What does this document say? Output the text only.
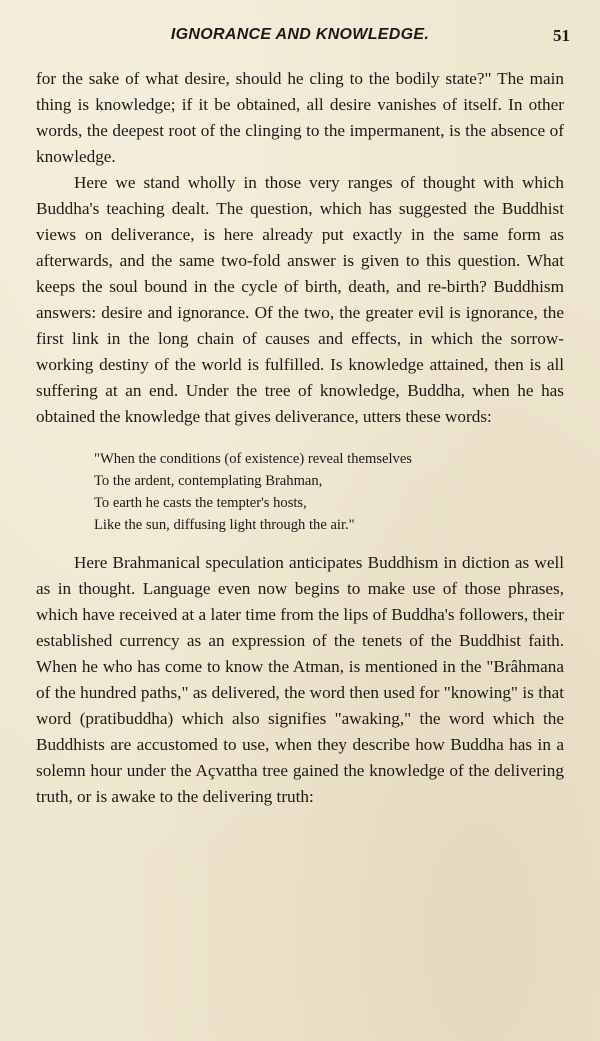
IGNORANCE AND KNOWLEDGE.	51

for the sake of what desire, should he cling to the bodily state?" The main thing is knowledge; if it be obtained, all desire vanishes of itself. In other words, the deepest root of the clinging to the impermanent, is the absence of knowledge.

Here we stand wholly in those very ranges of thought with which Buddha's teaching dealt. The question, which has suggested the Buddhist views on deliverance, is here already put exactly in the same form as afterwards, and the same two-fold answer is given to this question. What keeps the soul bound in the cycle of birth, death, and re-birth? Buddhism answers: desire and ignorance. Of the two, the greater evil is ignorance, the first link in the long chain of causes and effects, in which the sorrow-working destiny of the world is fulfilled. Is knowledge attained, then is all suffering at an end. Under the tree of knowledge, Buddha, when he has obtained the knowledge that gives deliverance, utters these words:

"When the conditions (of existence) reveal themselves
To the ardent, contemplating Brahman,
To earth he casts the tempter's hosts,
Like the sun, diffusing light through the air."

Here Brahmanical speculation anticipates Buddhism in diction as well as in thought. Language even now begins to make use of those phrases, which have received at a later time from the lips of Buddha's followers, their established currency as an expression of the tenets of the Buddhist faith. When he who has come to know the Atman, is mentioned in the "Brâhmana of the hundred paths," as delivered, the word then used for "knowing" is that word (pratibuddha) which also signifies "awaking," the word which the Buddhists are accustomed to use, when they describe how Buddha has in a solemn hour under the Açvattha tree gained the knowledge of the delivering truth, or is awake to the delivering truth:
